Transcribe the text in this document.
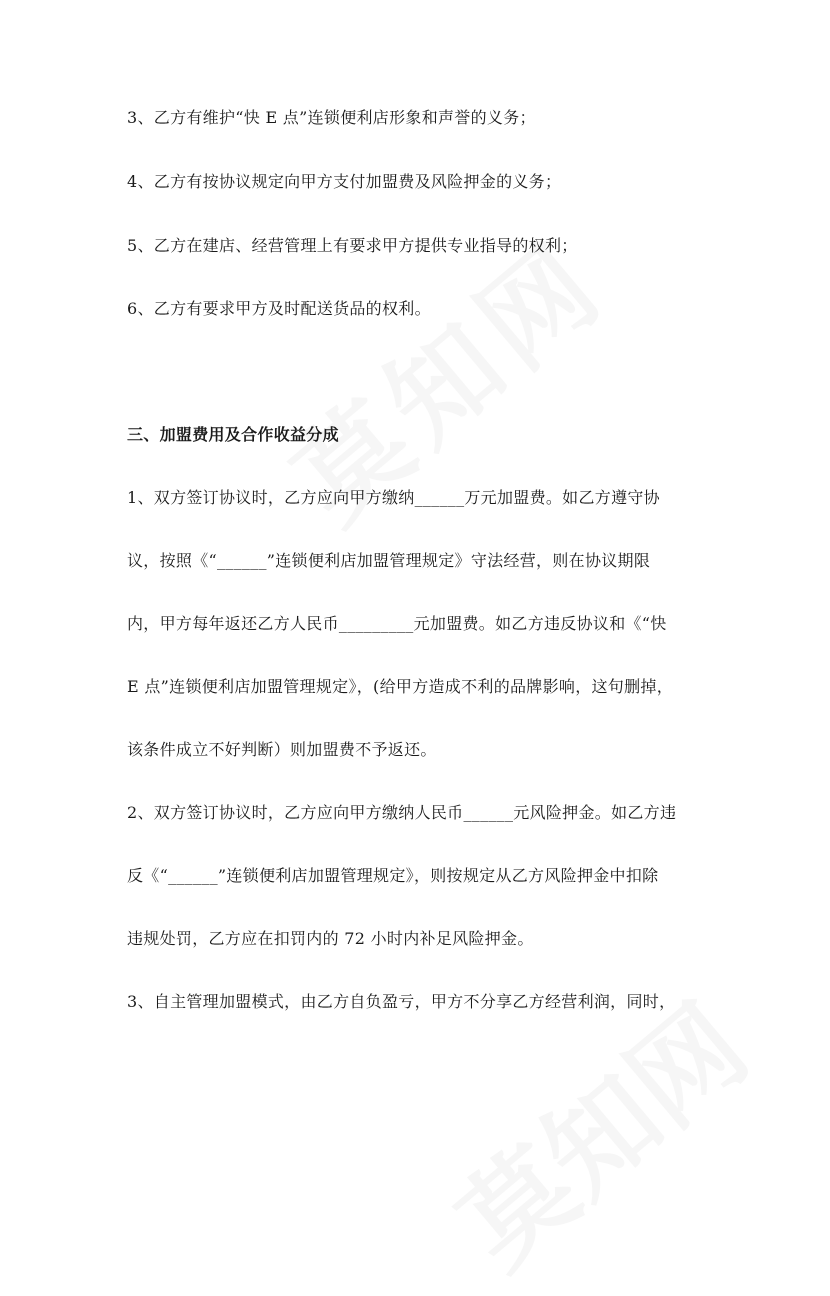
3、乙方有维护“快 E 点”连锁便利店形象和声誉的义务；
4、乙方有按协议规定向甲方支付加盟费及风险押金的义务；
5、乙方在建店、经营管理上有要求甲方提供专业指导的权利；
6、乙方有要求甲方及时配送货品的权利。
三、加盟费用及合作收益分成
1、双方签订协议时，乙方应向甲方缴纳______万元加盟费。如乙方遵守协
议，按照《“______”连锁便利店加盟管理规定》守法经营，则在协议期限
内，甲方每年返还乙方人民币_________元加盟费。如乙方违反协议和《“快
E 点”连锁便利店加盟管理规定》，(给甲方造成不利的品牌影响，这句删掉，
该条件成立不好判断）则加盟费不予返还。
2、双方签订协议时，乙方应向甲方缴纳人民币______元风险押金。如乙方违
反《“______”连锁便利店加盟管理规定》，则按规定从乙方风险押金中扣除
违规处罚，乙方应在扣罚内的 72 小时内补足风险押金。
3、自主管理加盟模式，由乙方自负盈亏，甲方不分享乙方经营利润，同时，
